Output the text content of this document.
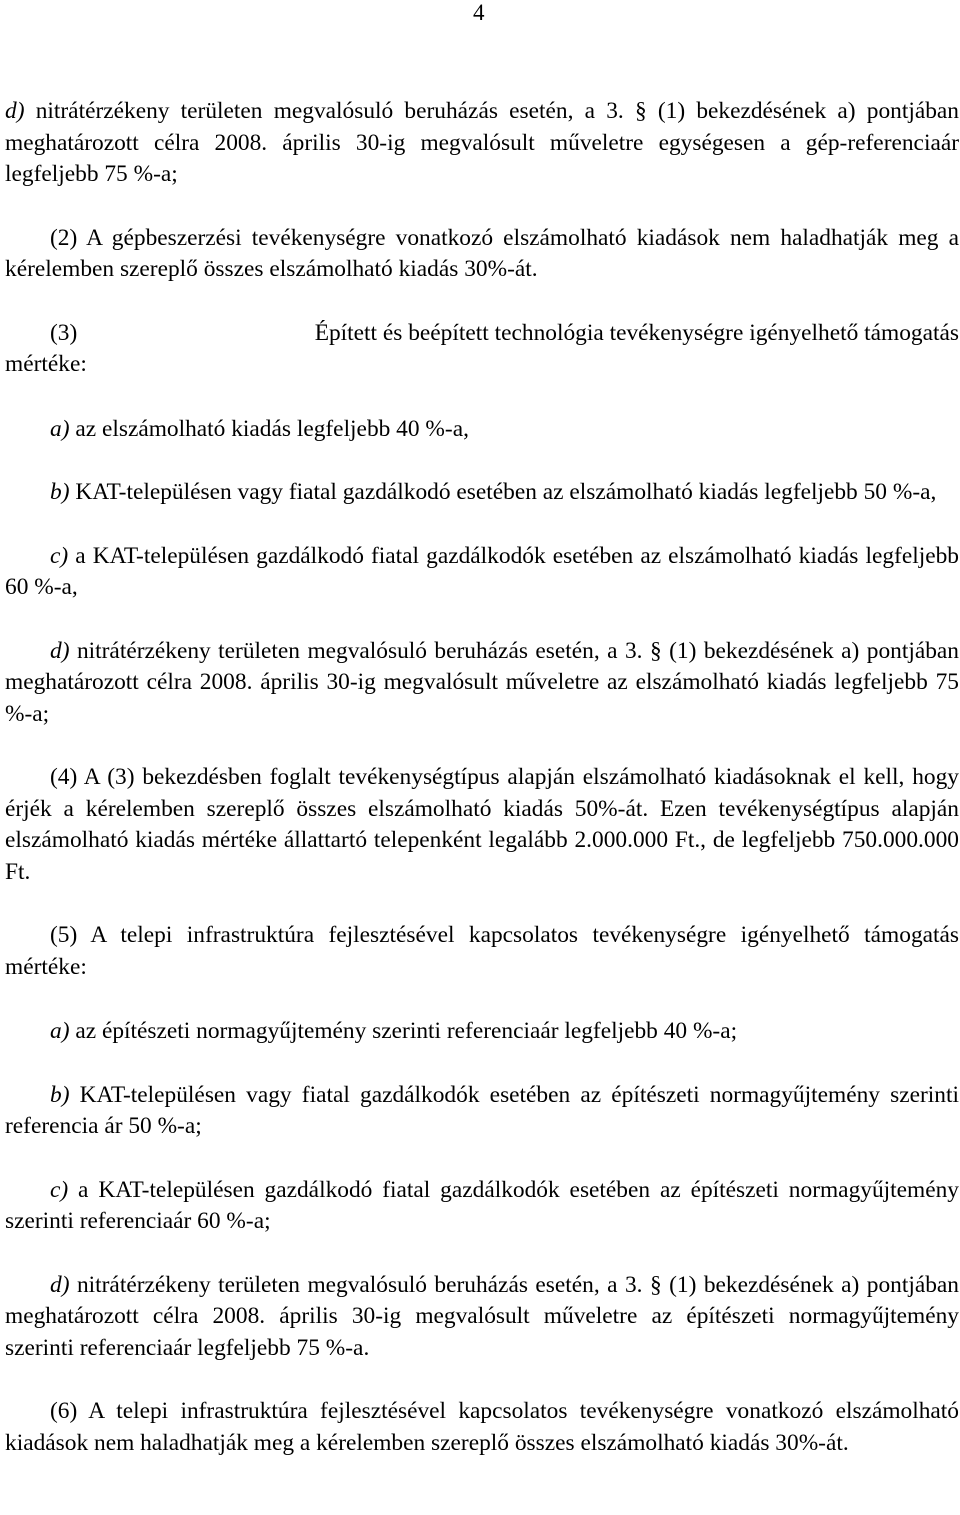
4

d) nitrátérzékeny területen megvalósuló beruházás esetén, a 3. § (1) bekezdésének a) pontjában meghatározott célra 2008. április 30-ig megvalósult műveletre egységesen a gép-referenciaár legfeljebb 75 %-a;

(2) A gépbeszerzési tevékenységre vonatkozó elszámolható kiadások nem haladhatják meg a kérelemben szereplő összes elszámolható kiadás 30%-át.

(3)	Épített és beépített technológia tevékenységre igényelhető támogatás

mértéke:

a) az elszámolható kiadás legfeljebb 40 %-a,

b) KAT-településen vagy fiatal gazdálkodó esetében az elszámolható kiadás legfeljebb 50 %-a,

c) a KAT-településen gazdálkodó fiatal gazdálkodók esetében az elszámolható kiadás legfeljebb 60 %-a,

d) nitrátérzékeny területen megvalósuló beruházás esetén, a 3. § (1) bekezdésének a) pontjában meghatározott célra 2008. április 30-ig megvalósult műveletre az elszámolható kiadás legfeljebb 75 %-a;

(4) A (3) bekezdésben foglalt tevékenységtípus alapján elszámolható kiadásoknak el kell, hogy érjék a kérelemben szereplő összes elszámolható kiadás 50%-át. Ezen tevékenységtípus alapján elszámolható kiadás mértéke állattartó telepenként legalább 2.000.000 Ft., de legfeljebb 750.000.000 Ft.

(5) A telepi infrastruktúra fejlesztésével kapcsolatos tevékenységre igényelhető támogatás mértéke:

a) az építészeti normagyűjtemény szerinti referenciaár legfeljebb 40 %-a;

b) KAT-településen vagy fiatal gazdálkodók esetében az építészeti normagyűjtemény szerinti referencia ár 50 %-a;

c) a KAT-településen gazdálkodó fiatal gazdálkodók esetében az építészeti normagyűjtemény szerinti referenciaár 60 %-a;

d) nitrátérzékeny területen megvalósuló beruházás esetén, a 3. § (1) bekezdésének a) pontjában meghatározott célra 2008. április 30-ig megvalósult műveletre az építészeti normagyűjtemény szerinti referenciaár legfeljebb 75 %-a.

(6) A telepi infrastruktúra fejlesztésével kapcsolatos tevékenységre vonatkozó elszámolható kiadások nem haladhatják meg a kérelemben szereplő összes elszámolható kiadás 30%-át.
